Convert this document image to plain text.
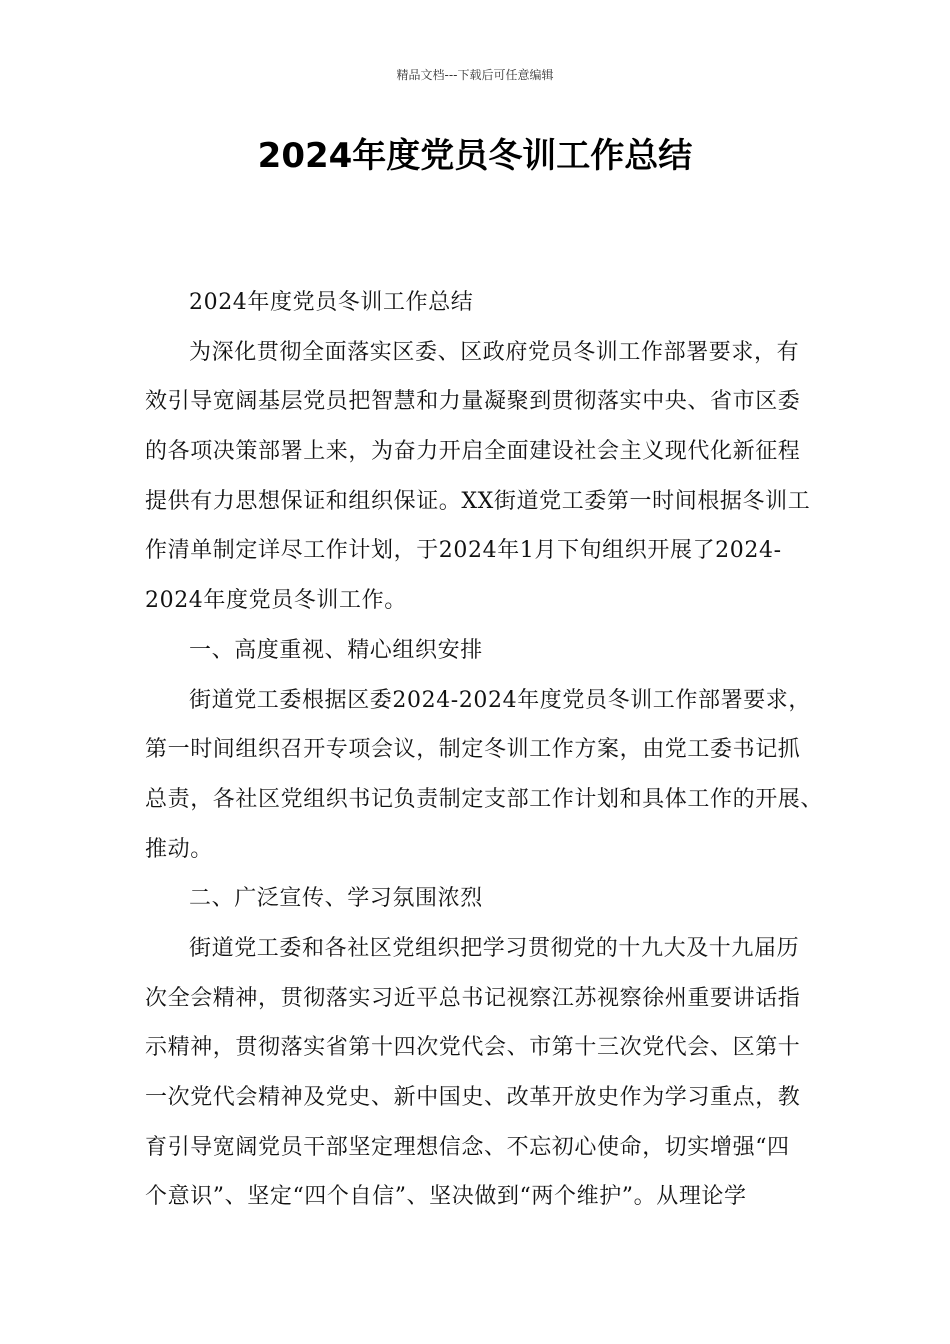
精品文档---下载后可任意编辑
2024年度党员冬训工作总结
2024年度党员冬训工作总结
为深化贯彻全面落实区委、区政府党员冬训工作部署要求，有
效引导宽阔基层党员把智慧和力量凝聚到贯彻落实中央、省市区委
的各项决策部署上来，为奋力开启全面建设社会主义现代化新征程
提供有力思想保证和组织保证。XX街道党工委第一时间根据冬训工
作清单制定详尽工作计划，于2024年1月下旬组织开展了2024-
2024年度党员冬训工作。
一、高度重视、精心组织安排
街道党工委根据区委2024-2024年度党员冬训工作部署要求，
第一时间组织召开专项会议，制定冬训工作方案，由党工委书记抓
总责，各社区党组织书记负责制定支部工作计划和具体工作的开展、
推动。
二、广泛宣传、学习氛围浓烈
街道党工委和各社区党组织把学习贯彻党的十九大及十九届历
次全会精神，贯彻落实习近平总书记视察江苏视察徐州重要讲话指
示精神，贯彻落实省第十四次党代会、市第十三次党代会、区第十
一次党代会精神及党史、新中国史、改革开放史作为学习重点，教
育引导宽阔党员干部坚定理想信念、不忘初心使命，切实增强“四
个意识”、坚定“四个自信”、坚决做到“两个维护”。从理论学
